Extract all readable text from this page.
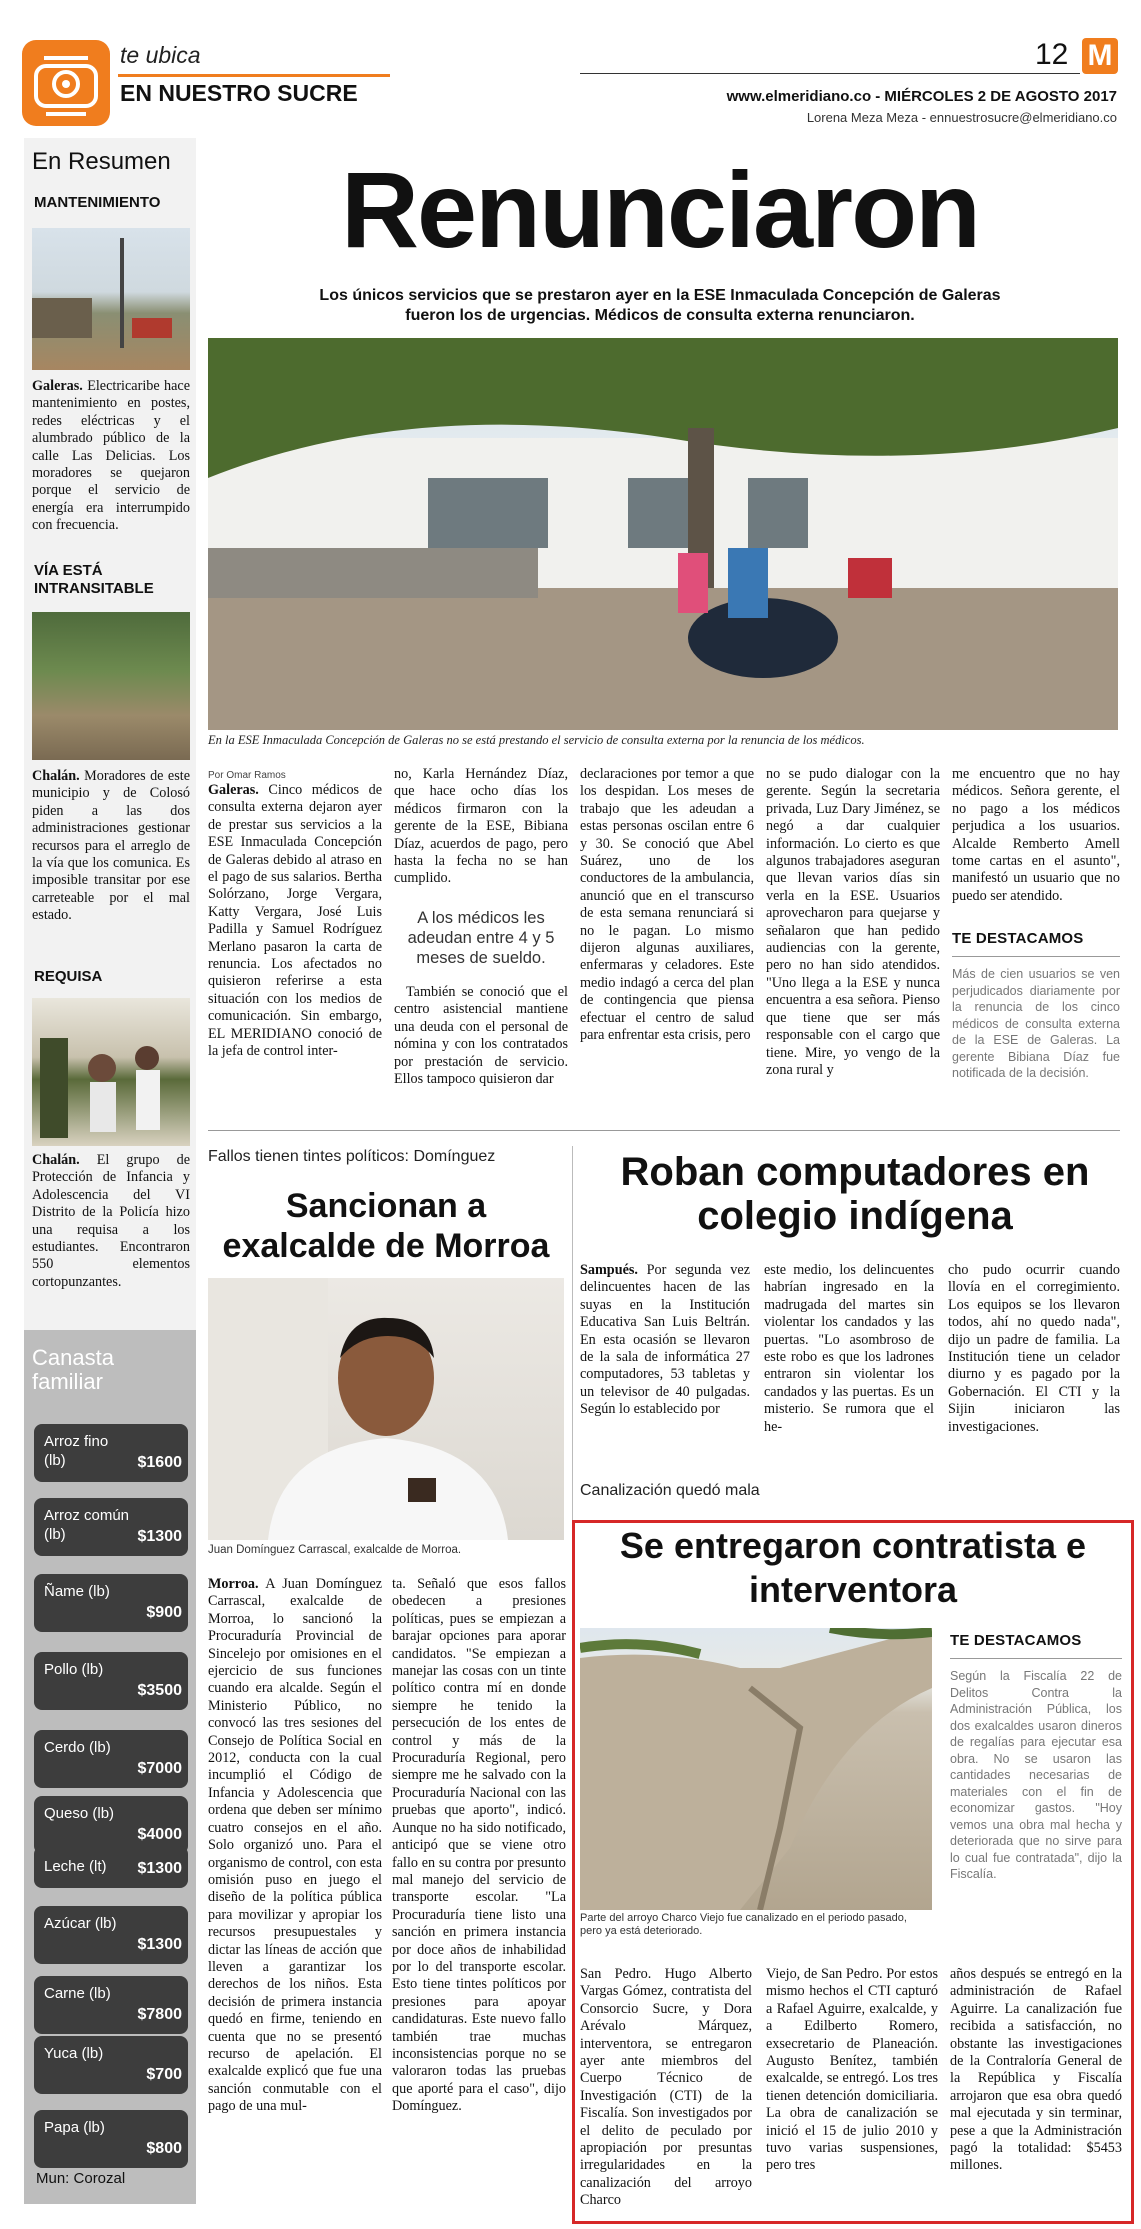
te ubica
EN NUESTRO SUCRE
12 M
www.elmeridiano.co - MIÉRCOLES 2 DE AGOSTO 2017
Lorena Meza Meza - ennuestrosucre@elmeridiano.co
En Resumen
MANTENIMIENTO
Galeras. Electricaribe hace mantenimiento en postes, redes eléctricas y el alumbrado público de la calle Las Delicias. Los moradores se quejaron porque el servicio de energía era interrumpido con frecuencia.
VÍA ESTÁ INTRANSITABLE
Chalán. Moradores de este municipio y de Colosó piden a las dos administraciones gestionar recursos para el arreglo de la vía que los comunica. Es imposible transitar por ese carreteable por el mal estado.
REQUISA
Chalán. El grupo de Protección de Infancia y Adolescencia del VI Distrito de la Policía hizo una requisa a los estudiantes. Encontraron 550 elementos cortopunzantes.
Canasta familiar
Arroz fino (lb)	$1600
Arroz común (lb)	$1300
Ñame (lb)
$900
Pollo (lb)
$3500
Cerdo (lb)
$7000
Queso (lb)
$4000
Leche (lt)	$1300
Azúcar (lb)
$1300
Carne (lb)
$7800
Yuca (lb)
$700
Papa (lb)
$800
Mun: Corozal
Renunciaron
Los únicos servicios que se prestaron ayer en la ESE Inmaculada Concepción de Galeras fueron los de urgencias. Médicos de consulta externa renunciaron.
En la ESE Inmaculada Concepción de Galeras no se está prestando el servicio de consulta externa por la renuncia de los médicos.
Por Omar Ramos

Galeras. Cinco médicos de consulta externa dejaron ayer de prestar sus servicios a la ESE Inmaculada Concepción de Galeras debido al atraso en el pago de sus salarios. Bertha Solórzano, Jorge Vergara, Katty Vergara, José Luis Padilla y Samuel Rodríguez Merlano pasaron la carta de renuncia. Los afectados no quisieron referirse a esta situación con los medios de comunicación. Sin embargo, EL MERIDIANO conoció de la jefa de control inter-

no, Karla Hernández Díaz, que hace ocho días los médicos firmaron con la gerente de la ESE, Bibiana Díaz, acuerdos de pago, pero hasta la fecha no se han cumplido.

A los médicos les adeudan entre 4 y 5 meses de sueldo.

También se conoció que el centro asistencial mantiene una deuda con el personal de nómina y con los contratados por prestación de servicio. Ellos tampoco quisieron dar

declaraciones por temor a que los despidan. Los meses de trabajo que les adeudan a estas personas oscilan entre 6 y 30. Se conoció que Abel Suárez, uno de los conductores de la ambulancia, anunció que en el transcurso de esta semana renunciará si no le pagan. Lo mismo dijeron algunas auxiliares, enfermaras y celadores. Este medio indagó a cerca del plan de contingencia que piensa efectuar el centro de salud para enfrentar esta crisis, pero

no se pudo dialogar con la gerente. Según la secretaria privada, Luz Dary Jiménez, se negó a dar cualquier información. Lo cierto es que algunos trabajadores aseguran que llevan varios días sin verla en la ESE. Usuarios aprovecharon para quejarse y señalaron que han pedido audiencias con la gerente, pero no han sido atendidos. "Uno llega a la ESE y nunca encuentra a esa señora. Pienso que tiene que ser más responsable con el cargo que tiene. Mire, yo vengo de la zona rural y

me encuentro que no hay médicos. Señora gerente, el no pago a los médicos perjudica a los usuarios. Alcalde Remberto Amell tome cartas en el asunto", manifestó un usuario que no puedo ser atendido.

TE DESTACAMOS
Más de cien usuarios se ven perjudicados diariamente por la renuncia de los cinco médicos de consulta externa de la ESE de Galeras. La gerente Bibiana Díaz fue notificada de la decisión.
Fallos tienen tintes políticos: Domínguez
Sancionan a exalcalde de Morroa
Juan Domínguez Carrascal, exalcalde de Morroa.

Morroa. A Juan Domínguez Carrascal, exalcalde de Morroa, lo sancionó la Procuraduría Provincial de Sincelejo por omisiones en el ejercicio de sus funciones cuando era alcalde. Según el Ministerio Público, no convocó las tres sesiones del Consejo de Política Social en 2012, conducta con la cual incumplió el Código de Infancia y Adolescencia que ordena que deben ser mínimo cuatro consejos en el año. Solo organizó uno. Para el organismo de control, con esta omisión puso en juego el diseño de la política pública para movilizar y apropiar los recursos presupuestales y dictar las líneas de acción que lleven a garantizar los derechos de los niños. Esta decisión de primera instancia quedó en firme, teniendo en cuenta que no se presentó recurso de apelación. El exalcalde explicó que fue una sanción conmutable con el pago de una mul-

ta. Señaló que esos fallos obedecen a presiones políticas, pues se empiezan a barajar opciones para aporar candidatos. "Se empiezan a manejar las cosas con un tinte político contra mí en donde siempre he tenido la persecución de los entes de control y más de la Procuraduría Regional, pero siempre me he salvado con la Procuraduría Nacional con las pruebas que aporto", indicó. Aunque no ha sido notificado, anticipó que se viene otro fallo en su contra por presunto mal manejo del servicio de transporte escolar. "La Procuraduría tiene listo una sanción en primera instancia por doce años de inhabilidad por lo del transporte escolar. Esto tiene tintes políticos por presiones para apoyar candidaturas. Este nuevo fallo también trae muchas inconsistencias porque no se valoraron todas las pruebas que aporté para el caso", dijo Domínguez.

Roban computadores en colegio indígena

Sampués. Por segunda vez delincuentes hacen de las suyas en la Institución Educativa San Luis Beltrán. En esta ocasión se llevaron de la sala de informática 27 computadores, 53 tabletas y un televisor de 40 pulgadas. Según lo establecido por

este medio, los delincuentes habrían ingresado en la madrugada del martes sin violentar los candados y las puertas. "Lo asombroso de este robo es que los ladrones entraron sin violentar los candados y las puertas. Es un misterio. Se rumora que el he-

cho pudo ocurrir cuando llovía en el corregimiento. Los equipos se los llevaron todos, ahí no quedo nada", dijo un padre de familia. La Institución tiene un celador diurno y es pagado por la Gobernación. El CTI y la Sijin iniciaron las investigaciones.

Canalización quedó mala
Se entregaron contratista e interventora
Parte del arroyo Charco Viejo fue canalizado en el periodo pasado, pero ya está deteriorado.
TE DESTACAMOS
Según la Fiscalía 22 de Delitos Contra la Administración Pública, los dos exalcaldes usaron dineros de regalías para ejecutar esa obra. No se usaron las cantidades necesarias de materiales con el fin de economizar gastos. "Hoy vemos una obra mal hecha y deteriorada que no sirve para lo cual fue contratada", dijo la Fiscalía.

San Pedro. Hugo Alberto Vargas Gómez, contratista del Consorcio Sucre, y Dora Arévalo Márquez, interventora, se entregaron ayer ante miembros del Cuerpo Técnico de Investigación (CTI) de la Fiscalía. Son investigados por el delito de peculado por apropiación por presuntas irregularidades en la canalización del arroyo Charco

Viejo, de San Pedro. Por estos mismo hechos el CTI capturó a Rafael Aguirre, exalcalde, y a Edilberto Romero, exsecretario de Planeación. Augusto Benítez, también exalcalde, se entregó. Los tres tienen detención domiciliaria. La obra de canalización se inició el 15 de julio 2010 y tuvo varias suspensiones, pero tres

años después se entregó en la administración de Rafael Aguirre. La canalización fue recibida a satisfacción, no obstante las investigaciones de la Contraloría General de la República y Fiscalía arrojaron que esa obra quedó mal ejecutada y sin terminar, pese a que la Administración pagó la totalidad: $5453 millones.
